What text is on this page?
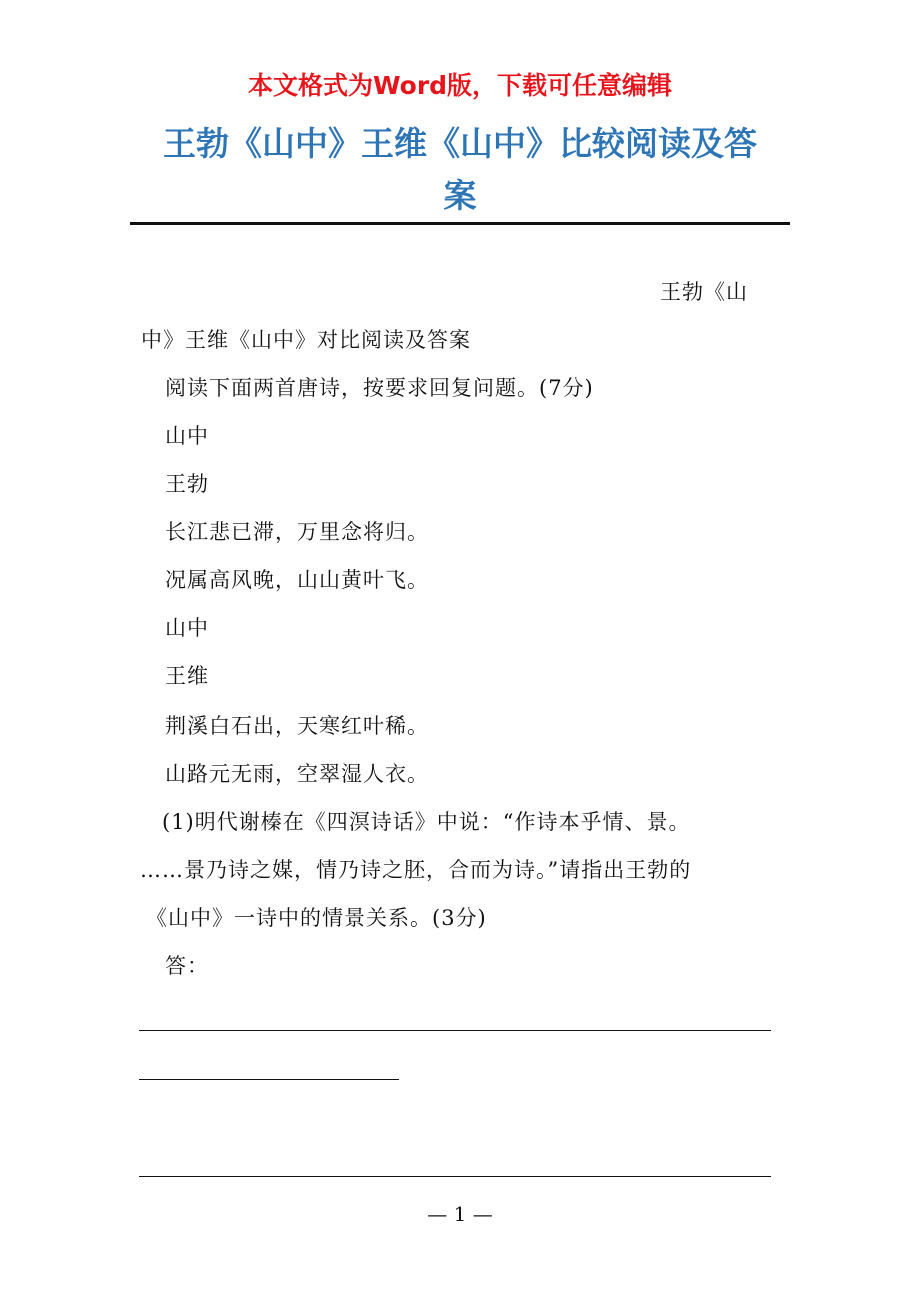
本文格式为Word版，下载可任意编辑
王勃《山中》王维《山中》比较阅读及答
案
王勃《山
中》王维《山中》对比阅读及答案
阅读下面两首唐诗，按要求回复问题。(7分)
山中
王勃
长江悲已滞，万里念将归。
况属高风晚，山山黄叶飞。
山中
王维
荆溪白石出，天寒红叶稀。
山路元无雨，空翠湿人衣。
(1)明代谢榛在《四溟诗话》中说：“作诗本乎情、景。
……景乃诗之媒，情乃诗之胚，合而为诗。”请指出王勃的
《山中》一诗中的情景关系。(3分)
答：
— 1 —
